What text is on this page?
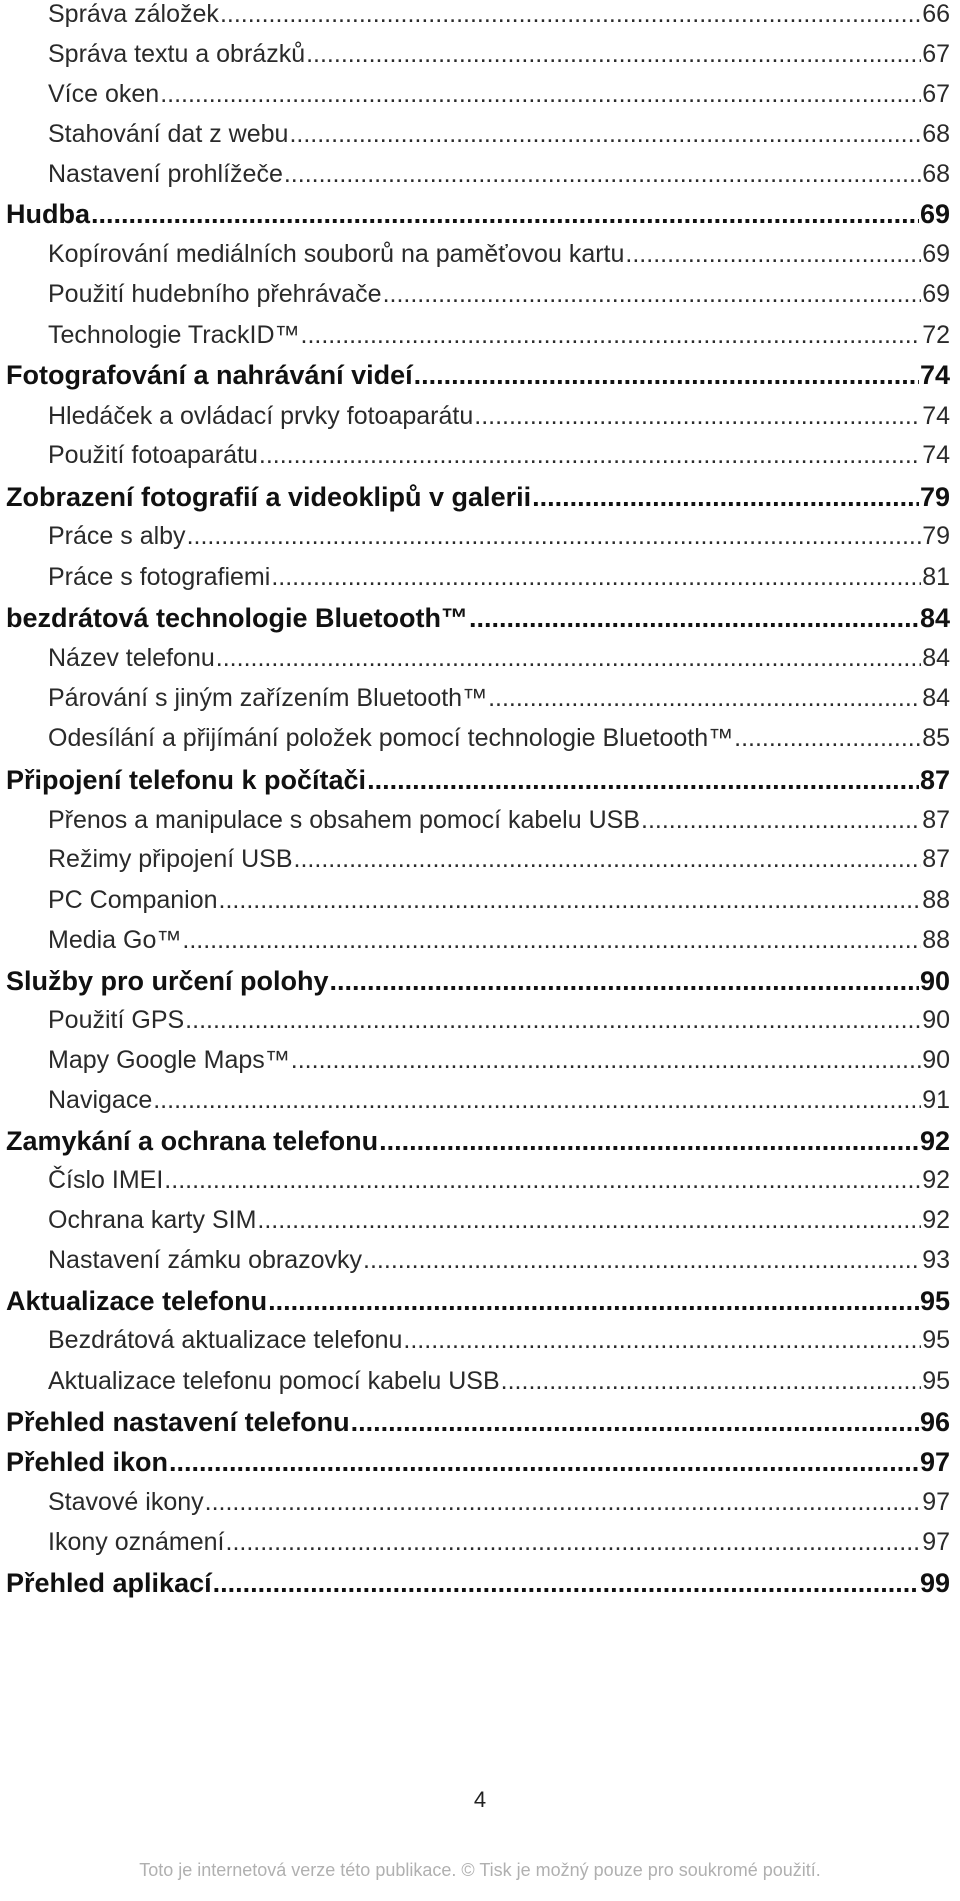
Správa záložek .....	66
Správa textu a obrázků .....	67
Více oken .....	67
Stahování dat z webu .....	68
Nastavení prohlížeče .....	68
Hudba .....	69
Kopírování mediálních souborů na paměťovou kartu .....	69
Použití hudebního přehrávače .....	69
Technologie TrackID™ .....	72
Fotografování a nahrávání videí .....	74
Hledáček a ovládací prvky fotoaparátu .....	74
Použití fotoaparátu .....	74
Zobrazení fotografií a videoklipů v galerii .....	79
Práce s alby .....	79
Práce s fotografiemi .....	81
bezdrátová technologie Bluetooth™ .....	84
Název telefonu .....	84
Párování s jiným zařízením Bluetooth™ .....	84
Odesílání a přijímání položek pomocí technologie Bluetooth™ .....	85
Připojení telefonu k počítači .....	87
Přenos a manipulace s obsahem pomocí kabelu USB .....	87
Režimy připojení USB .....	87
PC Companion .....	88
Media Go™ .....	88
Služby pro určení polohy .....	90
Použití GPS .....	90
Mapy Google Maps™ .....	90
Navigace .....	91
Zamykání a ochrana telefonu .....	92
Číslo IMEI .....	92
Ochrana karty SIM .....	92
Nastavení zámku obrazovky .....	93
Aktualizace telefonu .....	95
Bezdrátová aktualizace telefonu .....	95
Aktualizace telefonu pomocí kabelu USB .....	95
Přehled nastavení telefonu .....	96
Přehled ikon .....	97
Stavové ikony .....	97
Ikony oznámení .....	97
Přehled aplikací .....	99
4
Toto je internetová verze této publikace. © Tisk je možný pouze pro soukromé použití.
